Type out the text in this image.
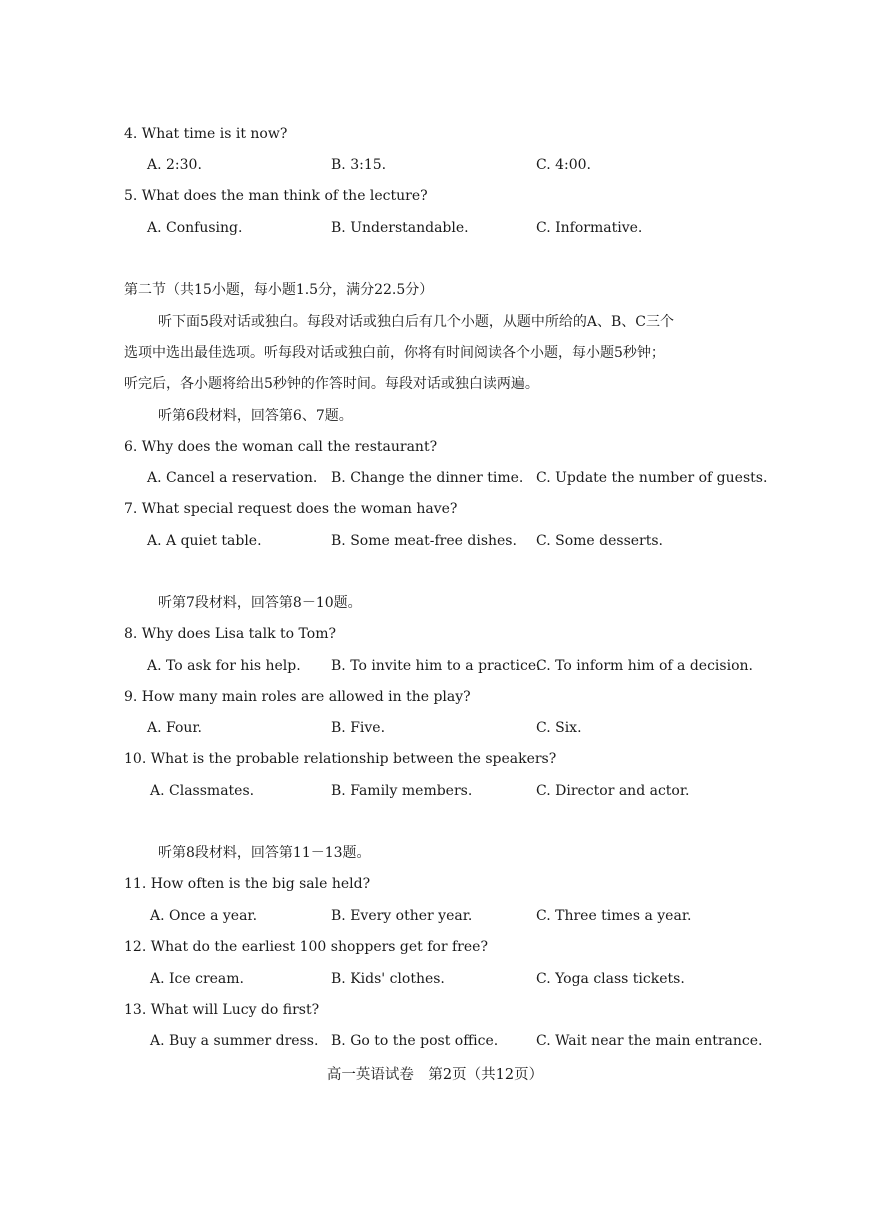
4. What time is it now?
A. 2:30.	B. 3:15.	C. 4:00.
5. What does the man think of the lecture?
A. Confusing.	B. Understandable.	C. Informative.
第二节（共15小题，每小题1.5分，满分22.5分）
听下面5段对话或独白。每段对话或独白后有几个小题，从题中所给的A、B、C三个
选项中选出最佳选项。听每段对话或独白前，你将有时间阅读各个小题，每小题5秒钟；
听完后，各小题将给出5秒钟的作答时间。每段对话或独白读两遍。
听第6段材料，回答第6、7题。
6. Why does the woman call the restaurant?
A. Cancel a reservation. B. Change the dinner time. C. Update the number of guests.
7. What special request does the woman have?
A. A quiet table.	B. Some meat-free dishes. C. Some desserts.
听第7段材料，回答第8－10题。
8. Why does Lisa talk to Tom?
A. To ask for his help. B. To invite him to a practice.
C. To inform him of a decision.
9. How many main roles are allowed in the play?
A. Four.	B. Five.	C. Six.
10. What is the probable relationship between the speakers?
A. Classmates.	B. Family members.	C. Director and actor.
听第8段材料，回答第11－13题。
11. How often is the big sale held?
A. Once a year.	B. Every other year.	C. Three times a year.
12. What do the earliest 100 shoppers get for free?
A. Ice cream.	B. Kids' clothes.	C. Yoga class tickets.
13. What will Lucy do first?
A. Buy a summer dress. B. Go to the post office.	C. Wait near the main entrance.
高一英语试卷　第2页（共12页）
